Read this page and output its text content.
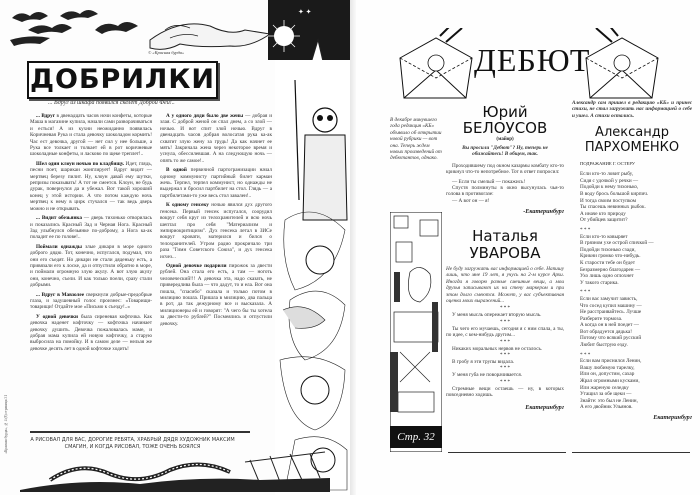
✦ ✦
© «Красная бурда»
ДОБРИЛКИ
... Вдруг из шкафа появился скелет Доброй Феи!..

... Вдруг в двенадцать часов ночи конфеты, которые Маша в магазине купила, начали сами разворачиваться и есться! А из кухни неожиданно появилась Коричневая Рука и стала девочку шоколадом кормить! Час ест девочка, другой — нет сил у нее больше, а Рука все толкает и толкает ей в рот коричневые шоколадные конфеты, и ласково по щеке треплет!..

Шел один клоун ночью по кладбищу. Идет, глядь, песни поет, шарикаи жонглирует! Вдруг видит — мертвец березу пилит. Ну, клоун давай ему шутки, репризы показывать! А тот не смеется. Клоун, не будь дурак, повернулся да и убежал. Вот такой хороший конец у этой истории. А что потом каждую ночь мертвец к нему в цирк стучался — так ведь дверь можно и не открывать.

... Видит обезьянка — дверь тихонько отворилась и показались Красный Зад и Черная Нога. Красный Зад улыбнулся обезьянке по-доброму, а Нога ка-ак поладит ее по голове!..

Поймали однажды злые дикари в море одного доброго дядю. Тот, конечно, испугался, подумал, что они его съедят. Но дикари не стали дяденьку есть, а привязали его к лоске, да и отпустили обратно в море, и поймали огромную злую акулу. А вот злую акулу они, конечно, съели. И как только поели, сразу стали добрыми.

... Вдруг в Мавзолее сверкнули добрые-предобрые глаза, и задушевный голос произнес: «Товарищи-товарищи! Отдайте мое «Письмо к съезду!..»

У одной девочки была сиреневая кофточка. Как девочка наденет кофточку — кофточка начинает девочку душить. Девочка пожаловалась маме, и добрая мама купила ей новую кофточку, а старую выбросила на помойку. И в самом деле — нельзя же девочке десять лет в одной кофточке ходить!

А у одного дяди было две жены — добрая и злая. С доброй женой он спал днем, а со злой — ночью. И вот спит злой ночью. Вдруг в двенадцать часов добрая волосатая рука ка-ак схватит злую жену за грудь! Да как начнет ее мять! Закричала жена через некоторое время и уснула, обессилевшая. А на следующую ночь — опять то же самое!..

В одной первичной партогранизации начал одному коммунисту партийный билет карман жечь. Терпел, терпел коммунист, но однажды не выдержал и бросил партбилет на стол. Глядь — а партбилетами-то уже весь стол завален!..

К одному генсеку ночью явился дух другого генсека. Первый генсек испугался, соорудил вокруг себя круг из телохранителей и всю ночь шептал про себя "Материализм и эмпириокритицизм". Дух генсека летал в ЗИСе вокруг кровати, матерился и бился о телохранителей. Утром радио прокричало три раза "Гимн Советского Союза", и дух генсека исчез...

Одной девочке подарили пирожок за двести рублей. Она стала его есть, а там — ноготь человеческий!!! А девочка эта, надо сказать, не привередлива была — что дадут, то и ела. Вот она пошла, "спасибо" сказала и только потом в милицию пошла. Пришла в милицию, два пальца в рот, да так дежурному все и высказала. А милиционеры ей и говорят: "А чего бы ты хотела за двести-то рублей?" Посмеялись и отпустили девочку.

А РИСОВАЛ ДЛЯ ВАС, ДОРОГИЕ РЕБЯТА, ХРАБРЫЙ ДЯДЯ ХУДОЖНИК МАКСИМ СМАГИН, И КОГДА РИСОВАЛ, ТОЖЕ ОЧЕНЬ БОЯЛСЯ
«Красная бурда», № 4 (8) страница 31
ДЕБЮТ
В декабре минувшего года редакция «КБ» объявило об открытии новой рубрики — вот она. Теперь ждем новых произведений от дебютантов, однако.
Стр. 32
Юрий
БЕЛОУСОВ
(майор)
Вы просили "Дебют"? Ну, теперь не обижайтесь! В общем, так.

Проходившему под окном казармы комбату кто-то крикнул что-то непотребное. Тот в ответ попросил:

— Если ты смелый — покажись!

Спустя полминуты в окно высунулась чья-то голова в противогазе:

— А вот он — я!

-Екатеринбург
Наталья
УВАРОВА
Не буду загружать вас информацией о себе. Напишу лишь, что мне 19 лет, я учусь на 2-м курсе Архи. Иногда я говорю разные смешные вещи, а мои друзья записывают их на стену маркером и при этом долго смеются. Может, у вас субъективная оценка моих выражений...
* * *
У меня мысль опережает вторую мысль.
* * *
Ты чего его мучаешь, сегодня я с ним спала, а ты, по идее, с кем-нибудь другим...
* * *
Никаких моральных нервов не осталось.
* * *
В гробу я эти трупы видала.
* * *
У меня губа не поворачивается.
* * *
Стремные вещи остаешь — ну, в которых повседневно ходишь.
Екатеринбург
Александр сам пришел в редакцию «КБ» и принес стихи, не стал загружать нас информацией о себе и ушел. А стихи остались.
Александр
ПАРХОМЕНКО
ПОДРАЖАНИЕ Г. ОСТЕРУ
Если кто-то ловит рыбу,
Сидя с удочкой у речки —
Подойди к нему тихонько,
В воду брось большой кирпич.
И тогда своим поступком
Ты спасешь невинных рыбок.
А иначе кто природу
От убийцев защитит?
* * *
Если кто-то ковыряет
В грязном ухе острой спичкой —
Подойди тихонько сзади,
Крикни громко что-нибудь.
К старости тебе он будет
Безразмерно благодарен —
Ухо лишь одно оглохнет
У такого старика.
* * *
Если вас замучит зависть,
Что сосед купил машину —
Не расстраивайтесь. Лучше
Разберите тормоза.
А когда он в ней поедет —
Вот обрадуется дядька!
Потому что всякий русский
Любит быструю езду.
* * *
Если вам приснился Ленин,
Вашу любимую тарелку,
Или он, допустим, сахар
Жрал огромными кусками,
Или жареную селедку
Утащил за обе щеки —
Знайте: это был не Ленин,
А его двойник Ульянов.
Екатеринбург
